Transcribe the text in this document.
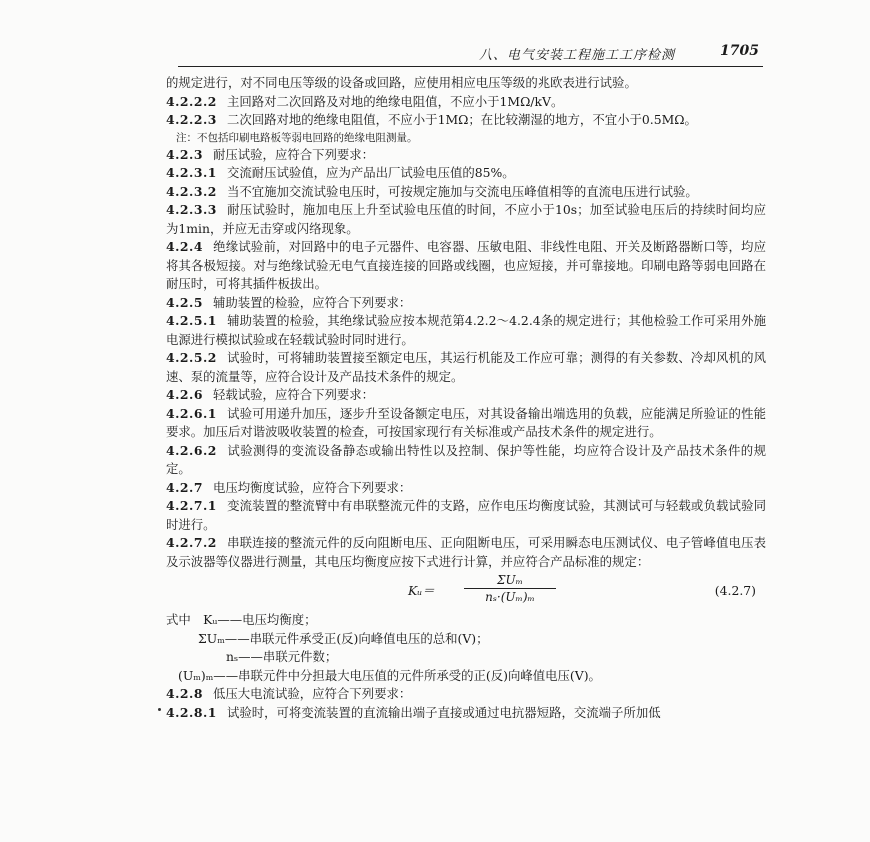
八、电气安装工程施工工序检测	1705

的规定进行，对不同电压等级的设备或回路，应使用相应电压等级的兆欧表进行试验。

4.2.2.2 主回路对二次回路及对地的绝缘电阻值，不应小于1MΩ/kV。

4.2.2.3 二次回路对地的绝缘电阻值，不应小于1MΩ；在比较潮湿的地方，不宜小于0.5MΩ。

注：不包括印刷电路板等弱电回路的绝缘电阻测量。

4.2.3 耐压试验，应符合下列要求：

4.2.3.1 交流耐压试验值，应为产品出厂试验电压值的85%。

4.2.3.2 当不宜施加交流试验电压时，可按规定施加与交流电压峰值相等的直流电压进行试验。

4.2.3.3 耐压试验时，施加电压上升至试验电压值的时间，不应小于10s；加至试验电压后的持续时间均应为1min，并应无击穿或闪络现象。

4.2.4 绝缘试验前，对回路中的电子元器件、电容器、压敏电阻、非线性电阻、开关及断路器断口等，均应将其各极短接。对与绝缘试验无电气直接连接的回路或线圈，也应短接，并可靠接地。印刷电路等弱电回路在耐压时，可将其插件板拔出。

4.2.5 辅助装置的检验，应符合下列要求：

4.2.5.1 辅助装置的检验，其绝缘试验应按本规范第4.2.2～4.2.4条的规定进行；其他检验工作可采用外施电源进行模拟试验或在轻载试验时同时进行。

4.2.5.2 试验时，可将辅助装置接至额定电压，其运行机能及工作应可靠；测得的有关参数、冷却风机的风速、泵的流量等，应符合设计及产品技术条件的规定。

4.2.6 轻载试验，应符合下列要求：

4.2.6.1 试验可用递升加压，逐步升至设备额定电压，对其设备输出端选用的负载，应能满足所验证的性能要求。加压后对谐波吸收装置的检查，可按国家现行有关标准或产品技术条件的规定进行。

4.2.6.2 试验测得的变流设备静态或输出特性以及控制、保护等性能，均应符合设计及产品技术条件的规定。

4.2.7 电压均衡度试验，应符合下列要求：

4.2.7.1 变流装置的整流臂中有串联整流元件的支路，应作电压均衡度试验，其测试可与轻载或负载试验同时进行。

4.2.7.2 串联连接的整流元件的反向阻断电压、正向阻断电压，可采用瞬态电压测试仪、电子管峰值电压表及示波器等仪器进行测量，其电压均衡度应按下式进行计算，并应符合产品标准的规定：

Kᵤ＝
ΣUₘ
nₛ·(Uₘ)ₘ	(4.2.7)

式中　Kᵤ——电压均衡度；

ΣUₘ——串联元件承受正(反)向峰值电压的总和(V)；

nₛ——串联元件数；

(Uₘ)ₘ——串联元件中分担最大电压值的元件所承受的正(反)向峰值电压(V)。

4.2.8 低压大电流试验，应符合下列要求：

4.2.8.1 试验时，可将变流装置的直流输出端子直接或通过电抗器短路，交流端子所加低
